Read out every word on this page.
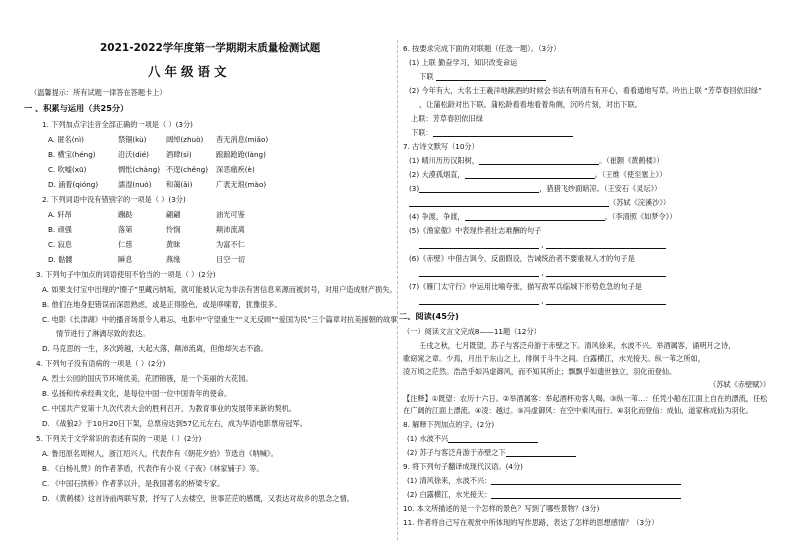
2021-2022学年度第一学期期末质量检测试题
八年级语文
（温馨提示：所有试题一律答在答题卡上）
一 、积累与运用（共25分）
1. 下列加点字注音全部正确的一项是（ ）(3分)
A. 匿名(nì)	禁锢(kù)	阔绰(zhuò) 杳无消息(miǎo)
B. 横宝(héng)	沿沃(dié) 酒肆(sì)	踉踉跄跄(làng)
C. 吹嘘(xū)	惆怅(chàng) 不逞(chěng) 深恶痛疾(è)
D. 涌着(qióng)	濡湿(nuò) 和蔼(ǎi)	广袤无垠(mào)
2. 下列词语中没有错别字的一项是（ ）(3分)
A. 轩昂	蹦跶	翩翩	油光可鉴
B. 顽强	落第	怜悯	颠沛流离
C. 寂息	仁慈	黄昧	为富不仁
D. 骷髅	瞬息	燕缘	目空一切
3. 下列句子中加点的词语使用不恰当的一项是（ ）(2分)
A. 如果支付宝中出现的“圈子”里藏污纳垢，就可能被认定为非法有害信息来源而被封号，对用户造成财产损失。
B. 他们在地身犯错误而深思熟虑，或是正得脸色，或是哆嗦着，犹豫很多。
C. 电影《长津湖》中的播音场景令人难忘，电影中“守望重生”“义无反顾”“爱国为民”三个篇章对抗美援朝的故事
情节进行了淋漓尽致的表达。
D. 马克思的一生，多次跨越，大起大落，颠沛流离，但他却矢志不渝。
4. 下列句子没有语病的一项是（ ）(2分)
A. 烈士公园的国庆节环境优美，花团锦簇，是一个美丽的大花园。
B. 弘扬和传承经典文化，是每位中国一位中国青年的使命。
C. 中国共产党第十九次代表大会的胜利召开，为教育事业的发展带来新的契机。
D. 《战狼2》于10月20日下架，总票房达到57亿元左右，成为华语电影票房冠军。
5. 下列关于文学常识的表述有误的一项是（ ）(2分)
A. 鲁迅原名周树人，浙江绍兴人，代表作有《朝花夕拾》节选自《呐喊》。
B. 《白杨礼赞》的作者茅盾，代表作有小说《子夜》《林家铺子》等。
C. 《中国石拱桥》作者茅以升，是我国著名的桥梁专家。
D. 《黄鹤楼》这首诗前两联写景，抒写了人去楼空，世事茫茫的感慨，又表达对故乡的思念之情。
6. 按要求完成下面的对联题（任选一题）。（3分）
(1) 上联 勤奋学习，知识改变命运
下联
(2) 今年有大，大名士王羲洋地献酒的时候会书法有明清有有开心，看看通地写草。吟出上联 “芳草春回依旧绿”
，让蒲松龄对出下联。蒲松龄看看地看着角侧，沉吟片刻，对出下联。
上联：芳草春回依旧绿
下联：
7. 古诗文默写（10分）
(1) 晴川历历汉阳树，	。（崔颢《黄鹤楼》）
(2) 大漠孤烟直，	。（王维《使至塞上》）
(3)	，猎猎飞纱面暗凉。（王安石《灵坛》）
（苏轼《浣溪沙》）
(4) 争渡，争渡，	。（李清照《如梦令》）
(5)《渔家傲》中表现作者壮志难酬的句子
,
(6)《赤壁》中借古讽今，反面假设，告诫统治者不要重视人才的句子是
,
(7)《雁门太守行》中运用比喻夸张，描写敌军兵临城下形势危急的句子是
,
二、阅读(45分)
（一）阅读文言文完成8——11题（12分）
壬戌之秋，七月既望，苏子与客泛舟游于赤壁之下。清风徐来，水波不兴。举酒属客，诵明月之诗，
歌窈窕之章。少焉，月出于东山之上，徘徊于斗牛之间。白露横江，水光接天。纵一苇之所如，
凌万顷之茫然。浩浩乎如冯虚御风，而不知其所止；飘飘乎如遗世独立，羽化而登仙。
（苏轼《赤壁赋》）
【注释】①既望：农历十六日。②举酒属客：举起酒杯劝客人喝。③纵一苇…：任凭小船在江面上自在的漂流，任松
在广阔的江面上漂流。④凌：越过。⑤冯虚御风：在空中乘风而行。⑥羽化而登仙：成仙，道家称成仙为羽化。
8. 解释下列加点的字。(2分)
(1) 水波不兴
(2) 苏子与客泛舟游于赤壁之下
9. 将下列句子翻译成现代汉语。(4分)
(1) 清风徐来，水波不兴：
(2) 白露横江，水光接天：
10. 本文所描述的是一个怎样的景色？写到了哪些景物？(3分)
11. 作者将自己写在观赏中所体现的写作思路，表达了怎样的思想感情？（3分）
